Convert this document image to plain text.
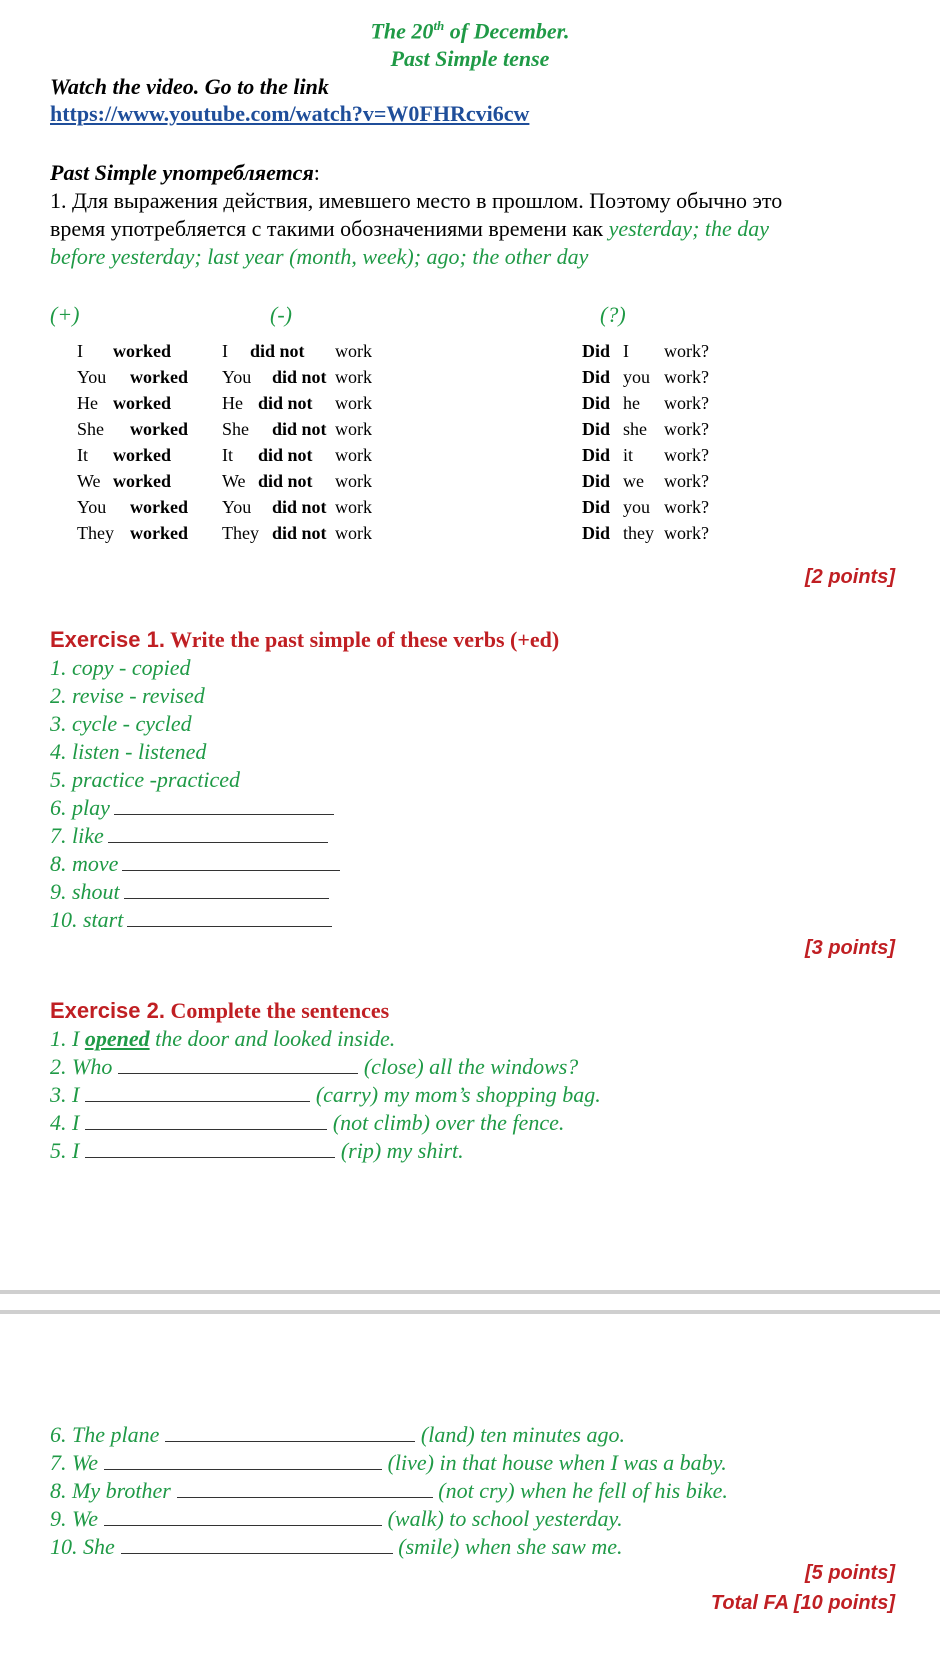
The 20th of December.
Past Simple tense
Watch the video. Go to the link
https://www.youtube.com/watch?v=W0FHRcvi6cw
Past Simple употребляется:
1. Для выражения действия, имевшего место в прошлом. Поэтому обычно это
время употребляется с такими обозначениями времени как yesterday; the day
before yesterday; last year (month, week); ago; the other day
(+)	(-)	(?)
I worked	I did not work	Did I work?
You worked You did not work	Did you work?
He worked	He did not work	Did he work?
She worked She did not work	Did she work?
It worked	It did not work	Did it work?
We worked	We did not work	Did we work?
You worked You did not work	Did you work?
They worked They did not work	Did they work?
[2 points]
Exercise 1. Write the past simple of these verbs (+ed)
1. copy - copied
2. revise - revised
3. cycle - cycled
4. listen - listened
5. practice -practiced
6. play
7. like
8. move
9. shout
10. start
[3 points]
Exercise 2. Complete the sentences
1. I opened the door and looked inside.
2. Who	(close) all the windows?
3. I	(carry) my mom’s shopping bag.
4. I	(not climb) over the fence.
5. I	(rip) my shirt.
6. The plane	(land) ten minutes ago.
7. We	(live) in that house when I was a baby.
8. My brother	(not cry) when he fell of his bike.
9. We	(walk) to school yesterday.
10. She	(smile) when she saw me.
[5 points]
Total FA [10 points]
